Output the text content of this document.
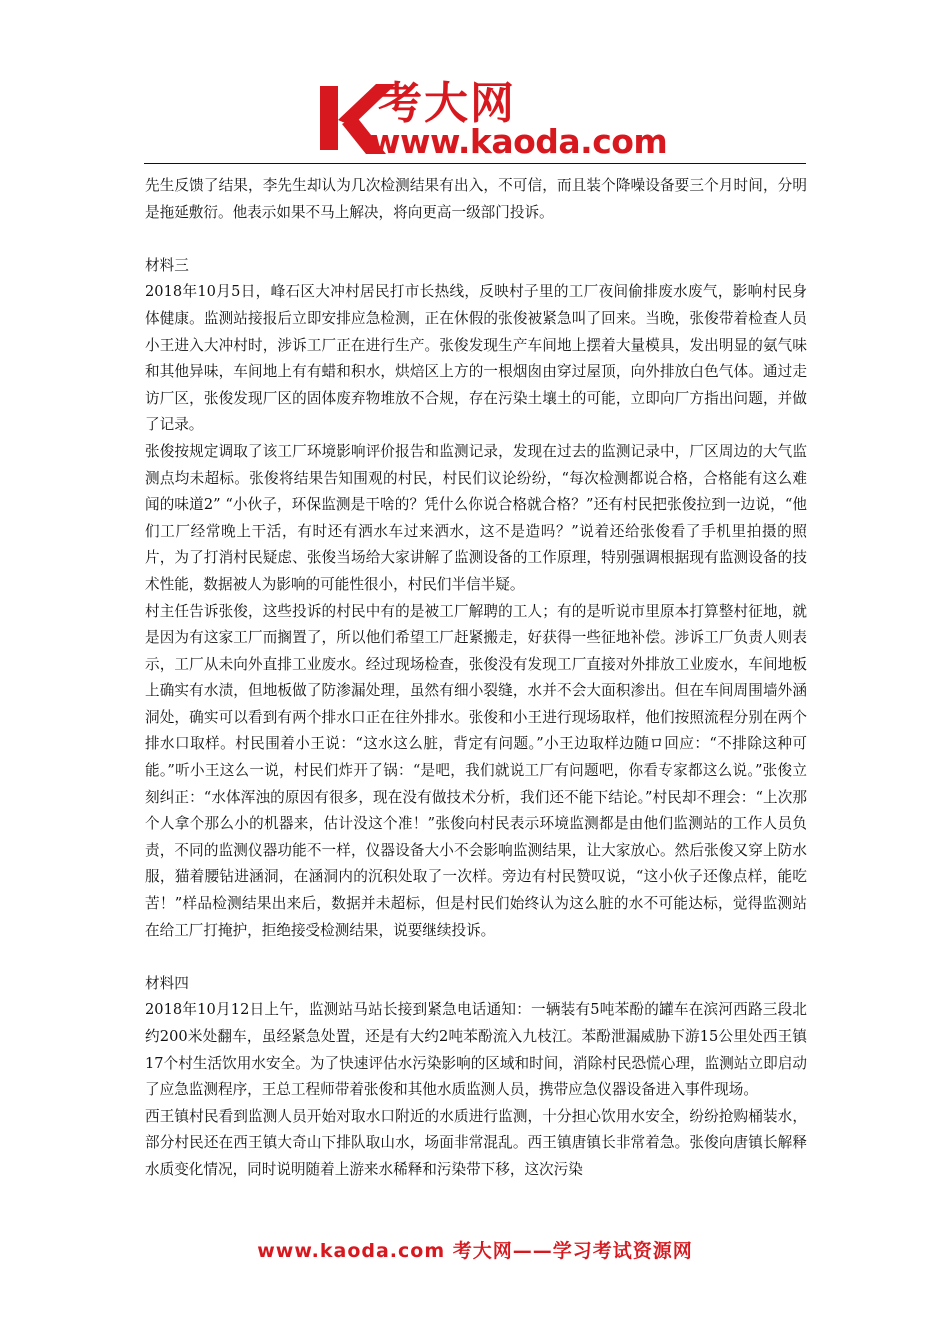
考大网
www.kaoda.com

先生反馈了结果，李先生却认为几次检测结果有出入，不可信，而且装个降噪设备要三个月时间，分明是拖延敷衍。他表示如果不马上解决，将向更高一级部门投诉。

材料三

2018年10月5日，峰石区大冲村居民打市长热线，反映村子里的工厂夜间偷排废水废气，影响村民身体健康。监测站接报后立即安排应急检测，正在休假的张俊被紧急叫了回来。当晚，张俊带着检查人员小王进入大冲村时，涉诉工厂正在进行生产。张俊发现生产车间地上摆着大量模具，发出明显的氨气味和其他异味，车间地上有有蜡和积水，烘焙区上方的一根烟囱由穿过屋顶，向外排放白色气体。通过走访厂区，张俊发现厂区的固体废弃物堆放不合规，存在污染土壤土的可能，立即向厂方指出问题，并做了记录。

张俊按规定调取了该工厂环境影响评价报告和监测记录，发现在过去的监测记录中，厂区周边的大气监测点均未超标。张俊将结果告知围观的村民，村民们议论纷纷，“每次检测都说合格，合格能有这么难闻的味道2” “小伙子，环保监测是干啥的？凭什么你说合格就合格？”还有村民把张俊拉到一边说，“他们工厂经常晚上干活，有时还有洒水车过来洒水，这不是造吗？”说着还给张俊看了手机里拍摄的照片，为了打消村民疑虑、张俊当场给大家讲解了监测设备的工作原理，特别强调根据现有监测设备的技术性能，数据被人为影响的可能性很小，村民们半信半疑。

村主任告诉张俊，这些投诉的村民中有的是被工厂解聘的工人；有的是听说市里原本打算整村征地，就是因为有这家工厂而搁置了，所以他们希望工厂赶紧搬走，好获得一些征地补偿。涉诉工厂负责人则表示，工厂从未向外直排工业废水。经过现场检查，张俊没有发现工厂直接对外排放工业废水，车间地板上确实有水渍，但地板做了防渗漏处理，虽然有细小裂缝，水并不会大面积渗出。但在车间周围墙外涵洞处，确实可以看到有两个排水口正在往外排水。张俊和小王进行现场取样，他们按照流程分别在两个排水口取样。村民围着小王说：“这水这么脏，背定有问题。”小王边取样边随ロ回应：“不排除这种可能。”听小王这么一说，村民们炸开了锅：“是吧，我们就说工厂有问题吧，你看专家都这么说。”张俊立刻纠正：“水体浑浊的原因有很多，现在没有做技术分析，我们还不能下结论。”村民却不理会：“上次那个人拿个那么小的机器来，估计没这个准！”张俊向村民表示环境监测都是由他们监测站的工作人员负责，不同的监测仪器功能不一样，仪器设备大小不会影响监测结果，让大家放心。然后张俊又穿上防水服，猫着腰钻进涵洞，在涵洞内的沉积处取了一次样。旁边有村民赞叹说，“这小伙子还像点样，能吃苦！”样品检测结果出来后，数据并未超标，但是村民们始终认为这么脏的水不可能达标，觉得监测站在给工厂打掩护，拒绝接受检测结果，说要继续投诉。

材料四

2018年10月12日上午，监测站马站长接到紧急电话通知：一辆装有5吨苯酚的罐车在滨河西路三段北约200米处翻车，虽经紧急处置，还是有大约2吨苯酚流入九枝江。苯酚泄漏威胁下游15公里处西王镇17个村生活饮用水安全。为了快速评估水污染影响的区域和时间，消除村民恐慌心理，监测站立即启动了应急监测程序，王总工程师带着张俊和其他水质监测人员，携带应急仪器设备进入事件现场。

西王镇村民看到监测人员开始对取水口附近的水质进行监测，十分担心饮用水安全，纷纷抢购桶装水，部分村民还在西王镇大奇山下排队取山水，场面非常混乱。西王镇唐镇长非常着急。张俊向唐镇长解释水质变化情况，同时说明随着上游来水稀释和污染带下移，这次污染

www.kaoda.com 考大网——学习考试资源网
